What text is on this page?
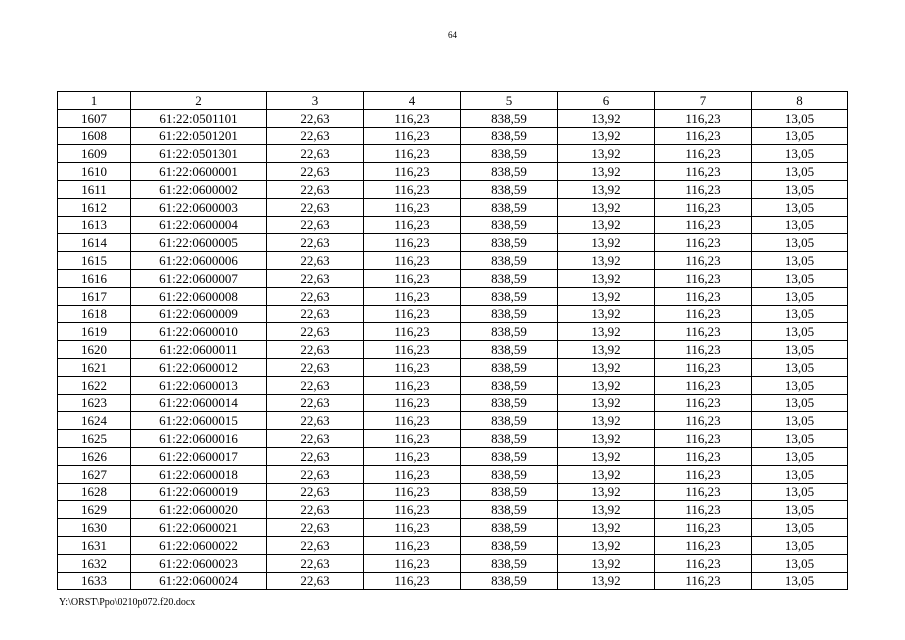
64
1	2	3	4	5	6	7	8
1607	61:22:0501101	22,63	116,23	838,59	13,92	116,23	13,05
1608	61:22:0501201	22,63	116,23	838,59	13,92	116,23	13,05
1609	61:22:0501301	22,63	116,23	838,59	13,92	116,23	13,05
1610	61:22:0600001	22,63	116,23	838,59	13,92	116,23	13,05
1611	61:22:0600002	22,63	116,23	838,59	13,92	116,23	13,05
1612	61:22:0600003	22,63	116,23	838,59	13,92	116,23	13,05
1613	61:22:0600004	22,63	116,23	838,59	13,92	116,23	13,05
1614	61:22:0600005	22,63	116,23	838,59	13,92	116,23	13,05
1615	61:22:0600006	22,63	116,23	838,59	13,92	116,23	13,05
1616	61:22:0600007	22,63	116,23	838,59	13,92	116,23	13,05
1617	61:22:0600008	22,63	116,23	838,59	13,92	116,23	13,05
1618	61:22:0600009	22,63	116,23	838,59	13,92	116,23	13,05
1619	61:22:0600010	22,63	116,23	838,59	13,92	116,23	13,05
1620	61:22:0600011	22,63	116,23	838,59	13,92	116,23	13,05
1621	61:22:0600012	22,63	116,23	838,59	13,92	116,23	13,05
1622	61:22:0600013	22,63	116,23	838,59	13,92	116,23	13,05
1623	61:22:0600014	22,63	116,23	838,59	13,92	116,23	13,05
1624	61:22:0600015	22,63	116,23	838,59	13,92	116,23	13,05
1625	61:22:0600016	22,63	116,23	838,59	13,92	116,23	13,05
1626	61:22:0600017	22,63	116,23	838,59	13,92	116,23	13,05
1627	61:22:0600018	22,63	116,23	838,59	13,92	116,23	13,05
1628	61:22:0600019	22,63	116,23	838,59	13,92	116,23	13,05
1629	61:22:0600020	22,63	116,23	838,59	13,92	116,23	13,05
1630	61:22:0600021	22,63	116,23	838,59	13,92	116,23	13,05
1631	61:22:0600022	22,63	116,23	838,59	13,92	116,23	13,05
1632	61:22:0600023	22,63	116,23	838,59	13,92	116,23	13,05
1633	61:22:0600024	22,63	116,23	838,59	13,92	116,23	13,05
Y:\ORST\Ppo\0210p072.f20.docx
